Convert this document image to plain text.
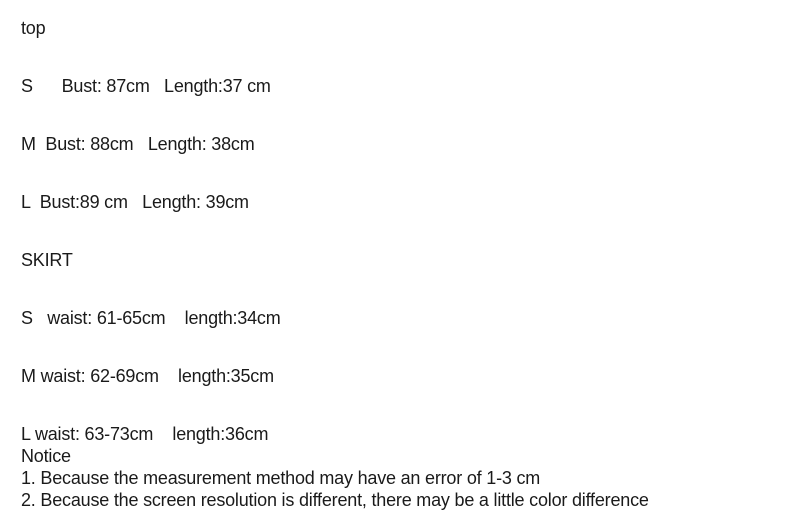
top
S      Bust: 87cm   Length:37 cm
M  Bust: 88cm   Length: 38cm
L  Bust:89 cm   Length: 39cm
SKIRT
S   waist: 61-65cm    length:34cm
M waist: 62-69cm    length:35cm
L waist: 63-73cm    length:36cm
Notice
1. Because the measurement method may have an error of 1-3 cm
2. Because the screen resolution is different, there may be a little color difference
